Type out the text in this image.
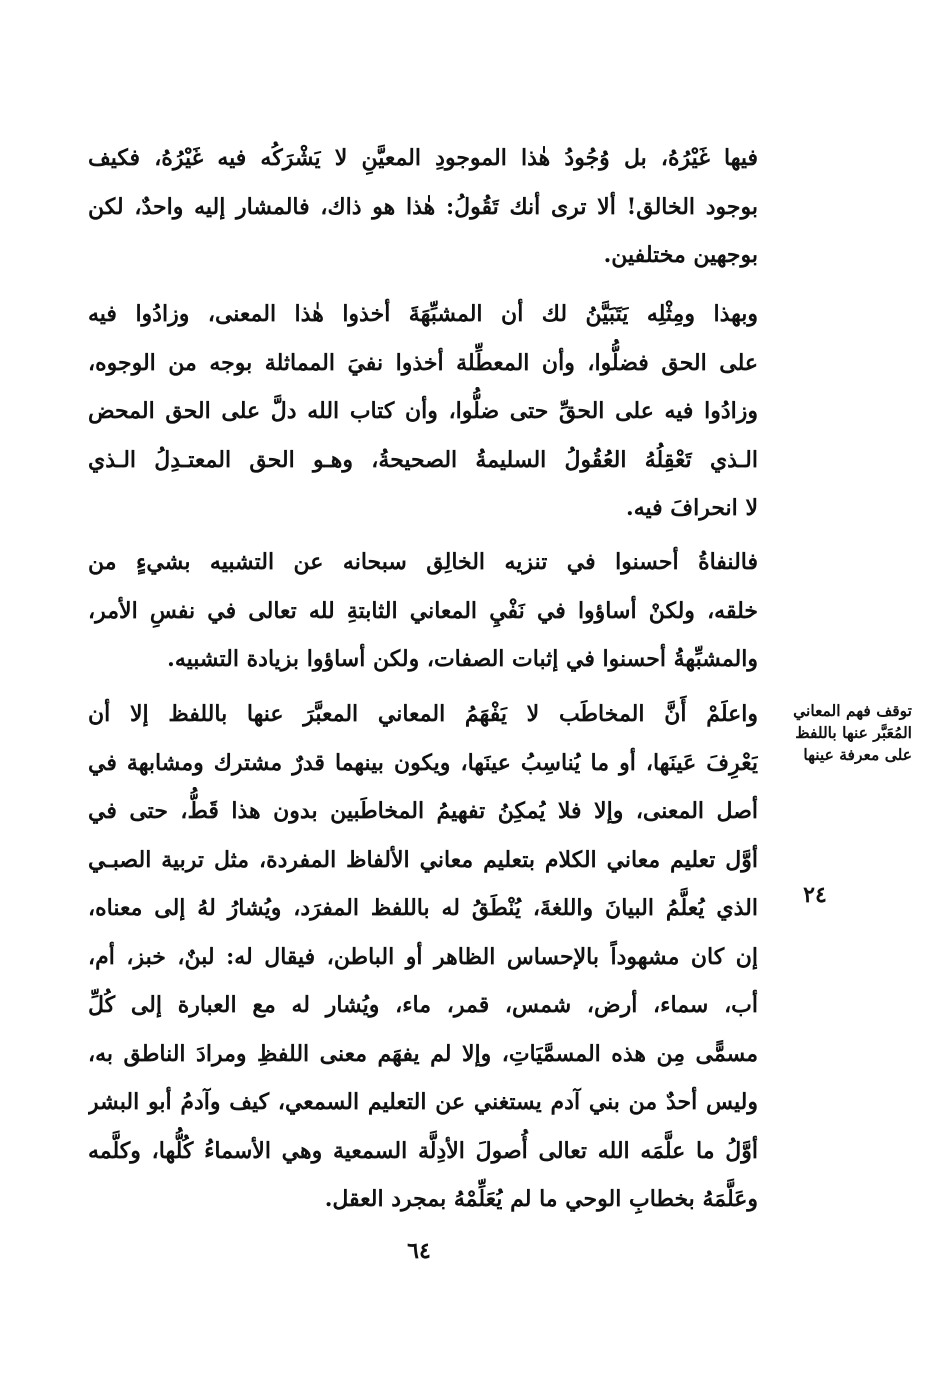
فيها غَيْرُهُ، بل وُجُودُ هٰذا الموجودِ المعيَّنِ لا يَشْرَكُه فيه غَيْرُهُ، فكيف
بوجود الخالق! ألا ترى أنك تَقُولُ: هٰذا هو ذاك، فالمشار إليه واحدٌ، لكن
بوجهين مختلفين.
وبهذا ومِثْلِه يَتَبَيَّنُ لك أن المشبِّهَةَ أخذوا هٰذا المعنى، وزادُوا فيه
على الحق فضلُّوا، وأن المعطِّلة أخذوا نفيَ المماثلة بوجه من الوجوه،
وزادُوا فيه على الحقِّ حتى ضلُّوا، وأن كتاب الله دلَّ على الحق المحض
الـذي تَعْقِلُهُ العُقُولُ السليمةُ الصحيحةُ، وهـو الحق المعتـدِلُ الـذي
لا انحرافَ فيه.
فالنفاةُ أحسنوا في تنزيه الخالِق سبحانه عن التشبيه بشيءٍ من
خلقه، ولكنْ أساؤوا في نَفْيِ المعاني الثابتةِ لله تعالى في نفسِ الأمر،
والمشبِّهةُ أحسنوا في إثبات الصفات، ولكن أساؤوا بزيادة التشبيه.
واعلَمْ أَنَّ المخاطَب لا يَفْهَمُ المعاني المعبَّرَ عنها باللفظ إلا أن
يَعْرِفَ عَينَها، أو ما يُناسِبُ عينَها، ويكون بينهما قدرٌ مشترك ومشابهة في
أصل المعنى، وإلا فلا يُمكِنُ تفهيمُ المخاطَبين بدون هذا قَطُّ، حتى في
أوَّل تعليم معاني الكلام بتعليم معاني الألفاظ المفردة، مثل تربية الصبـي
الذي يُعلَّمُ البيانَ واللغةَ، يُنْطَقُ له باللفظ المفرَد، ويُشارُ لهُ إلى معناه،
إن كان مشهوداً بالإحساس الظاهر أو الباطن، فيقال له: لبنٌ، خبز، أم،
أب، سماء، أرض، شمس، قمر، ماء، ويُشار له مع العبارة إلى كُلِّ
مسمًّى مِن هذه المسمَّيَاتِ، وإلا لم يفهَم معنى اللفظِ ومرادَ الناطق به،
وليس أحدٌ من بني آدم يستغني عن التعليم السمعي، كيف وآدمُ أبو البشر
أوَّلُ ما علَّمَه الله تعالى أُصولَ الأدِلَّة السمعية وهي الأسماءُ كُلُّها، وكلَّمه
وعَلَّمَهُ بخطابِ الوحي ما لم يُعَلِّمْهُ بمجرد العقل.
توقف فهم المعاني
المُعَبَّر عنها باللفظ
على معرفة عينها
٢٤
٦٤
